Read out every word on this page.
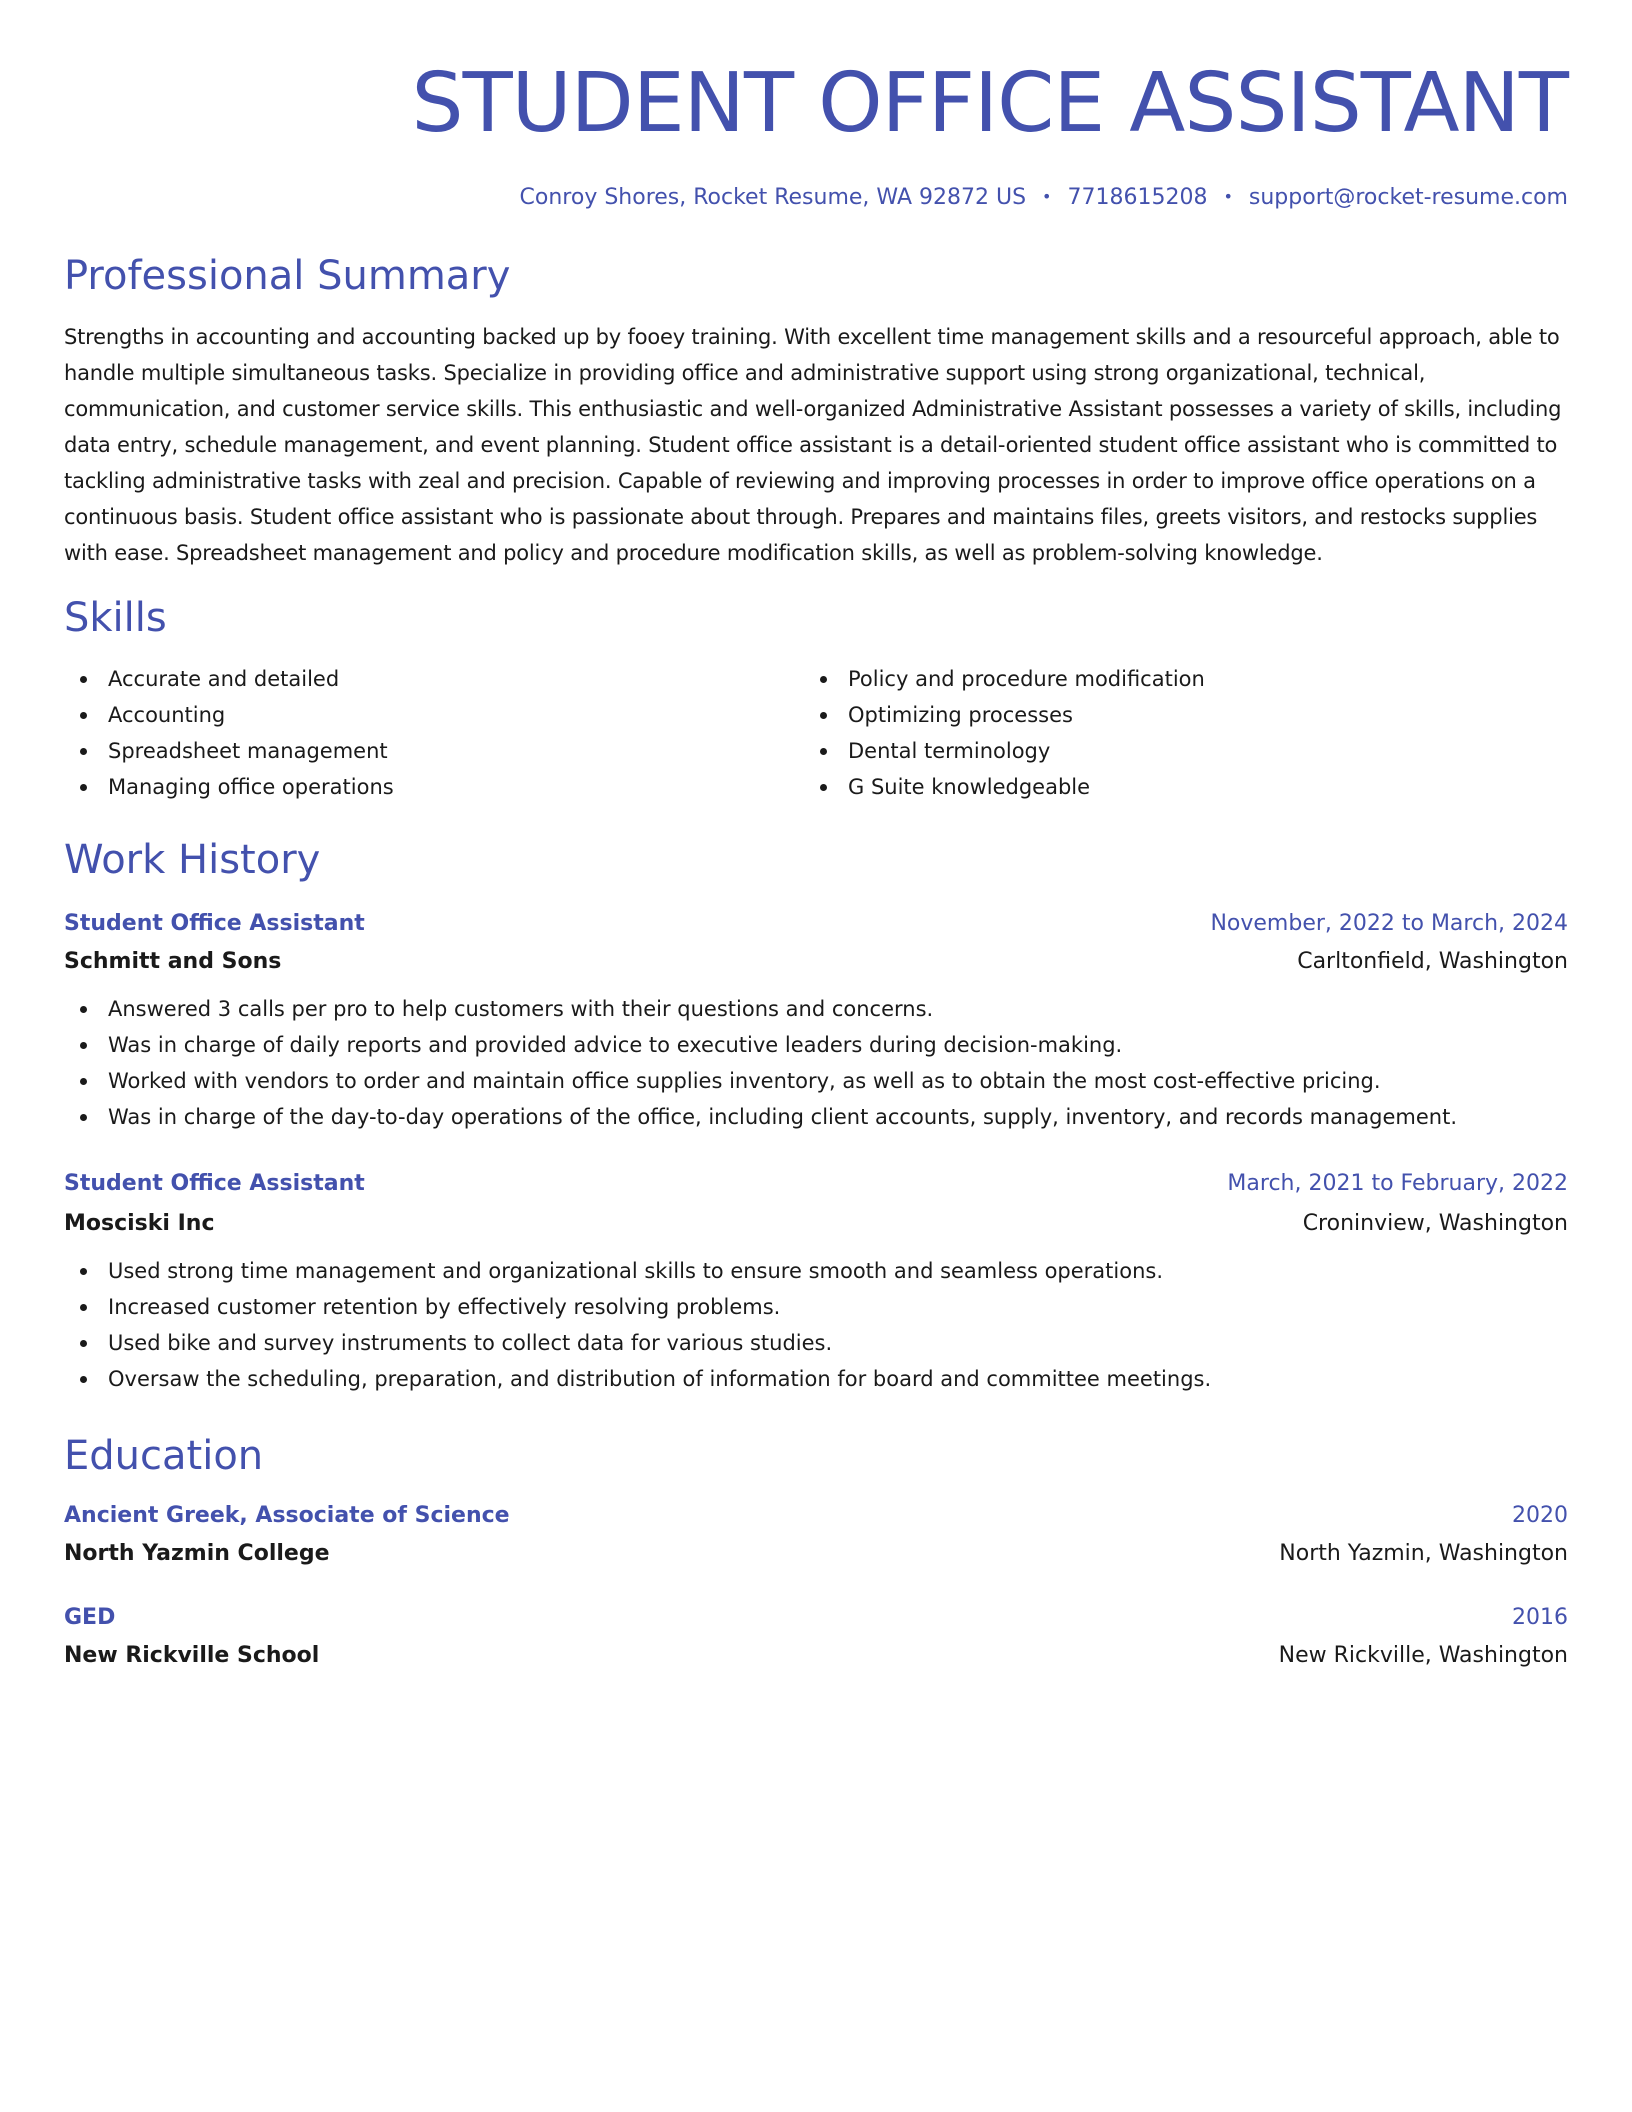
STUDENT OFFICE ASSISTANT
Conroy Shores, Rocket Resume, WA 92872 US • 7718615208 • support@rocket-resume.com
Professional Summary

Strengths in accounting and accounting backed up by fooey training. With excellent time management skills and a resourceful approach, able to handle multiple simultaneous tasks. Specialize in providing office and administrative support using strong organizational, technical, communication, and customer service skills. This enthusiastic and well-organized Administrative Assistant possesses a variety of skills, including data entry, schedule management, and event planning. Student office assistant is a detail-oriented student office assistant who is committed to tackling administrative tasks with zeal and precision. Capable of reviewing and improving processes in order to improve office operations on a continuous basis. Student office assistant who is passionate about through. Prepares and maintains files, greets visitors, and restocks supplies with ease. Spreadsheet management and policy and procedure modification skills, as well as problem-solving knowledge.

Skills
Accurate and detailed
Accounting
Spreadsheet management
Managing office operations
Policy and procedure modification
Optimizing processes
Dental terminology
G Suite knowledgeable
Work History
Student Office Assistant	November, 2022 to March, 2024
Schmitt and Sons	Carltonfield, Washington
Answered 3 calls per pro to help customers with their questions and concerns.
Was in charge of daily reports and provided advice to executive leaders during decision-making.
Worked with vendors to order and maintain office supplies inventory, as well as to obtain the most cost-effective pricing.
Was in charge of the day-to-day operations of the office, including client accounts, supply, inventory, and records management.
Student Office Assistant	March, 2021 to February, 2022
Mosciski Inc	Croninview, Washington
Used strong time management and organizational skills to ensure smooth and seamless operations.
Increased customer retention by effectively resolving problems.
Used bike and survey instruments to collect data for various studies.
Oversaw the scheduling, preparation, and distribution of information for board and committee meetings.
Education
Ancient Greek, Associate of Science	2020
North Yazmin College	North Yazmin, Washington
GED	2016
New Rickville School	New Rickville, Washington
